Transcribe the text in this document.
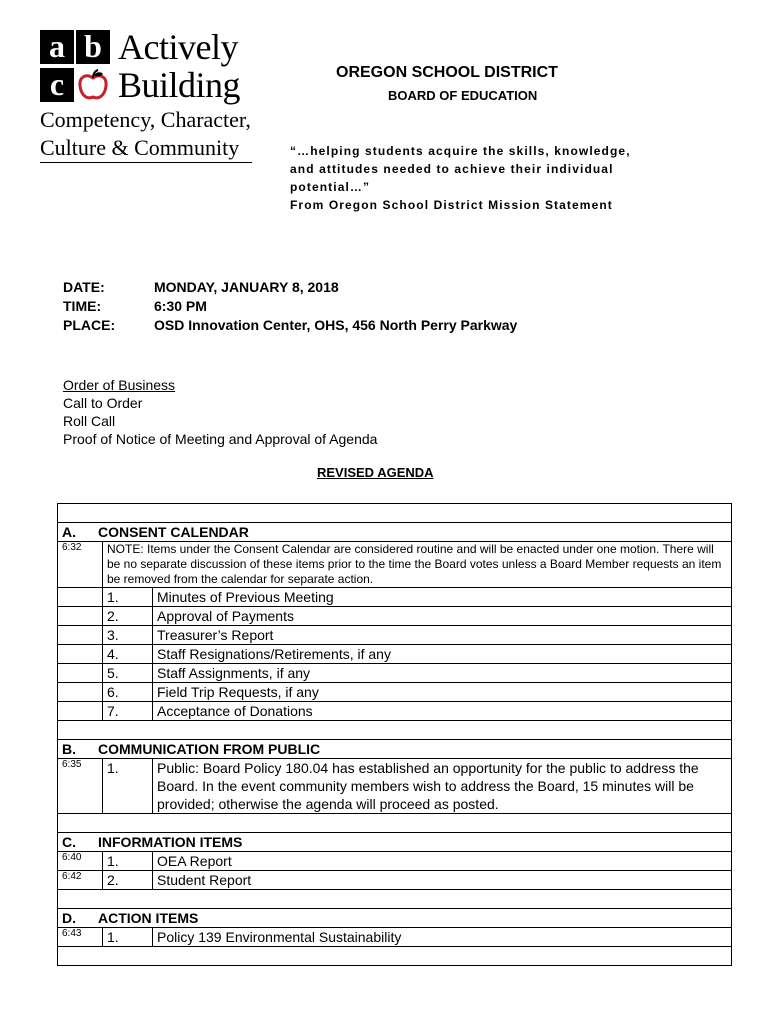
a b Actively
c Building
Competency, Character,
Culture & Community
OREGON SCHOOL DISTRICT
BOARD OF EDUCATION
“…helping students acquire the skills, knowledge,
and attitudes needed to achieve their individual
potential…”
From Oregon School District Mission Statement
DATE:	MONDAY, JANUARY 8, 2018
TIME:	6:30 PM
PLACE:	OSD Innovation Center, OHS, 456 North Perry Parkway
Order of Business
Call to Order
Roll Call
Proof of Notice of Meeting and Approval of Agenda
REVISED AGENDA

A. CONSENT CALENDAR		
6:32	NOTE: Items under the Consent Calendar are considered routine and will be enacted under one motion. There will be no separate discussion of these items prior to the time the Board votes unless a Board Member requests an item be removed from the calendar for separate action.	
	1.	Minutes of Previous Meeting
	2.	Approval of Payments
	3.	Treasurer’s Report
	4.	Staff Resignations/Retirements, if any
	5.	Staff Assignments, if any
	6.	Field Trip Requests, if any
	7.	Acceptance of Donations

B. COMMUNICATION FROM PUBLIC		
6:35	1.	Public: Board Policy 180.04 has established an opportunity for the public to address the Board. In the event community members wish to address the Board, 15 minutes will be provided; otherwise the agenda will proceed as posted.

C. INFORMATION ITEMS		
6:40	1.	OEA Report
6:42	2.	Student Report

D. ACTION ITEMS		
6:43	1.	Policy 139 Environmental Sustainability
